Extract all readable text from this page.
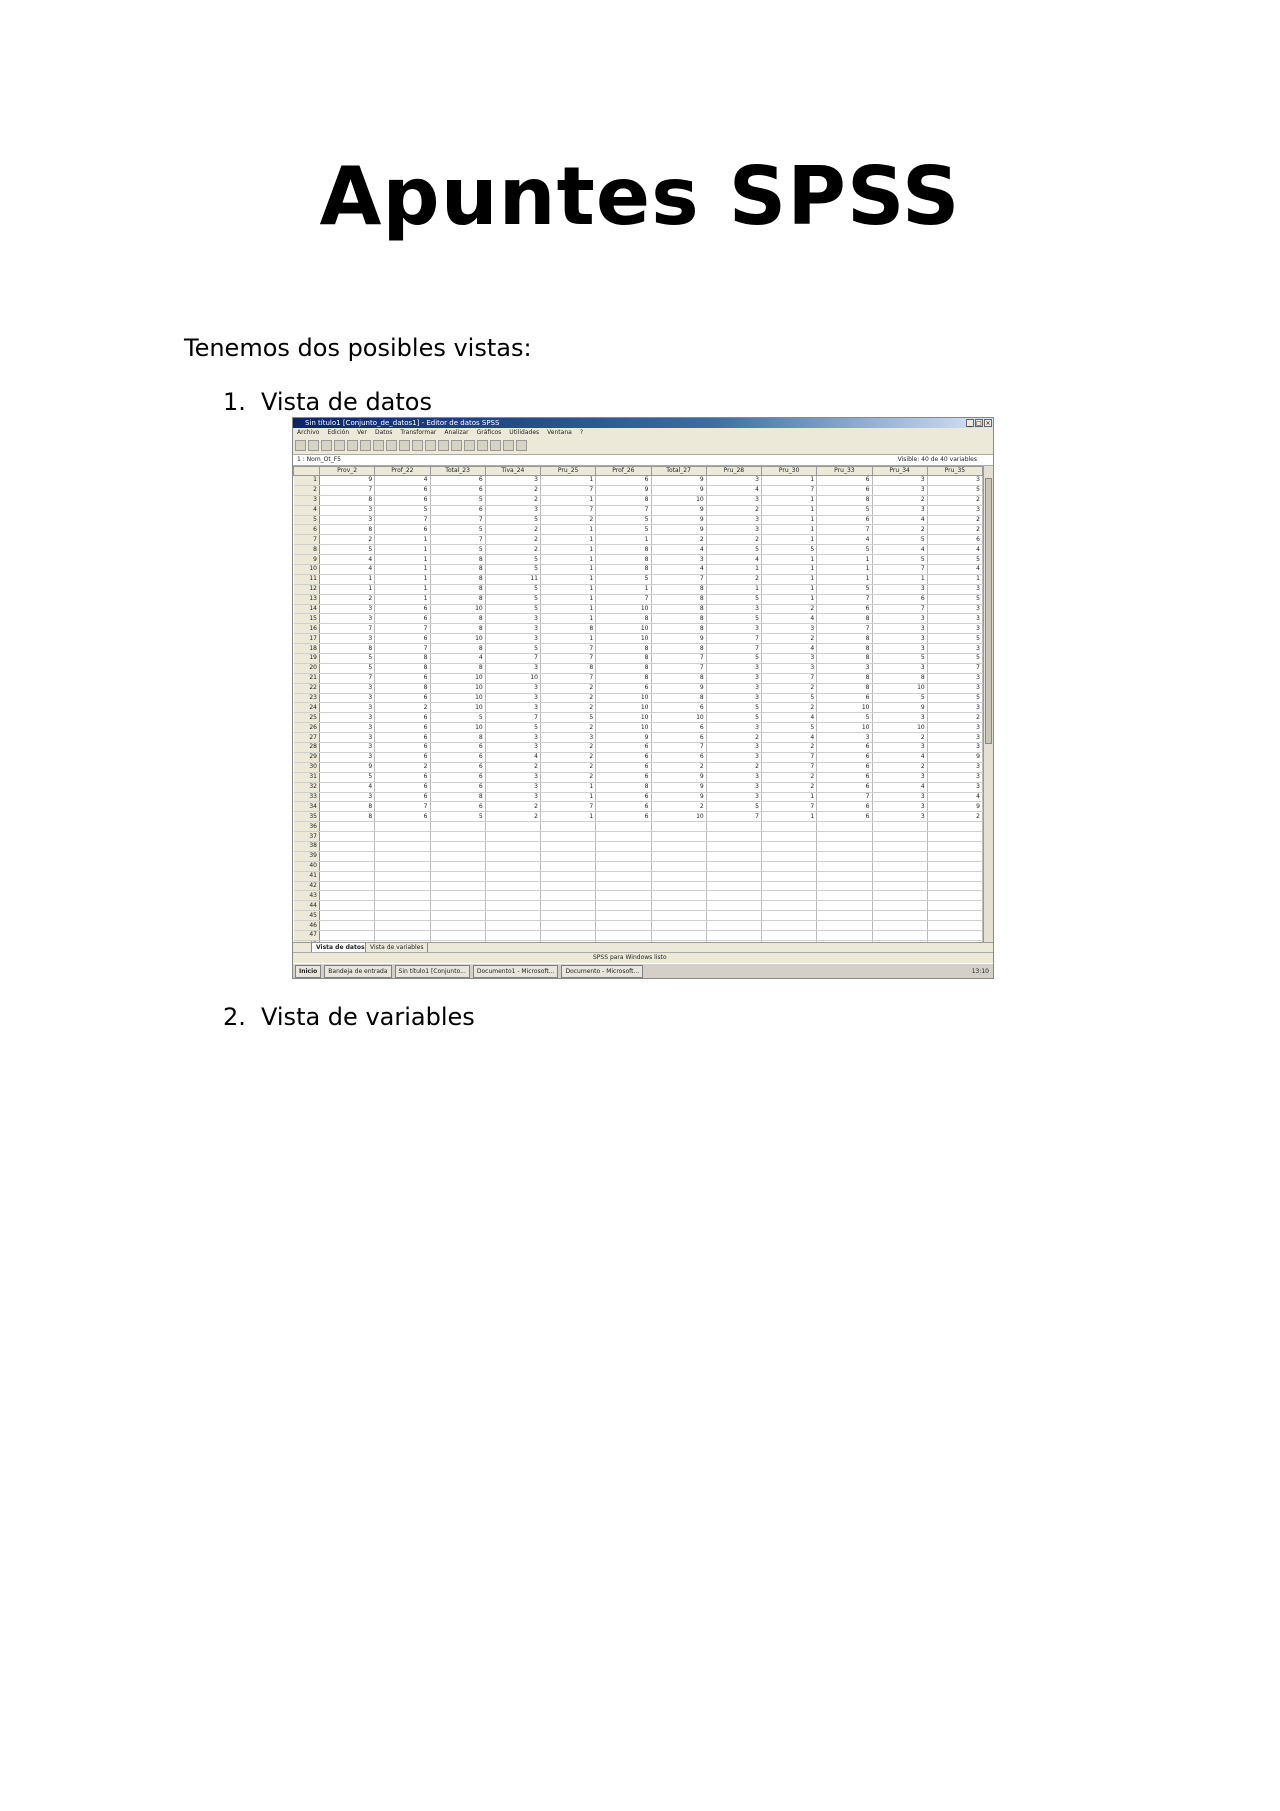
Apuntes SPSS
Tenemos dos posibles vistas:
1. Vista de datos
Sin título1 [Conjunto_de_datos1] - Editor de datos SPSS	_ □ ×
Archivo Edición Ver Datos Transformar Analizar Gráficos Utilidades Ventana ?
1 : Nom_Ot_F5	Visible: 40 de 40 variables
	Prov_2	Prof_22	Total_23	Tiva_24	Pru_25	Prof_26	Total_27	Pru_28	Pru_30	Pru_33	Pru_34	Pru_35
1	9	4	6	3	1	6	9	3	1	6	3	3
2	7	6	6	2	7	9	9	4	7	6	3	5
3	8	6	5	2	1	8	10	3	1	8	2	2
4	3	5	6	3	7	7	9	2	1	5	3	3
5	3	7	7	5	2	5	9	3	1	6	4	2
6	8	6	5	2	1	5	9	3	1	7	2	2
7	2	1	7	2	1	1	2	2	1	4	5	6
8	5	1	5	2	1	8	4	5	5	5	4	4
9	4	1	8	5	1	8	3	4	1	1	5	5
10	4	1	8	5	1	8	4	1	1	1	7	4
11	1	1	8	11	1	5	7	2	1	1	1	1
12	1	1	8	5	1	1	8	1	1	5	3	3
13	2	1	8	5	1	7	8	5	1	7	6	5
14	3	6	10	5	1	10	8	3	2	6	7	3
15	3	6	8	3	1	8	8	5	4	8	3	3
16	7	7	8	3	8	10	8	3	3	7	3	3
17	3	6	10	3	1	10	9	7	2	8	3	5
18	8	7	8	5	7	8	8	7	4	8	3	3
19	5	8	4	7	7	8	7	5	3	8	5	5
20	5	8	8	3	8	8	7	3	3	3	3	7
21	7	6	10	10	7	8	8	3	7	8	8	3
22	3	8	10	3	2	6	9	3	2	8	10	3
23	3	6	10	3	2	10	8	3	5	6	5	5
24	3	2	10	3	2	10	6	5	2	10	9	3
25	3	6	5	7	5	10	10	5	4	5	3	2
26	3	6	10	5	2	10	6	3	5	10	10	3
27	3	6	8	3	3	9	6	2	4	3	2	3
28	3	6	6	3	2	6	7	3	2	6	3	3
29	3	6	6	4	2	6	6	3	7	6	4	9
30	9	2	6	2	2	6	2	2	7	6	2	3
31	5	6	6	3	2	6	9	3	2	6	3	3
32	4	6	6	3	1	8	9	3	2	6	4	3
33	3	6	8	3	1	6	9	3	1	7	3	4
34	8	7	6	2	7	6	2	5	7	6	3	9
35	8	6	5	2	1	6	10	7	1	6	3	2
36												
37												
38												
39												
40												
41												
42												
43												
44												
45												
46												
47												

Vista de datos Vista de variables
SPSS para Windows listo
Inicio	Bandeja de entrada	Sin título1 [Conjunto...	Documento1 - Microsoft...	Documento - Microsoft...	13:10
2. Vista de variables
